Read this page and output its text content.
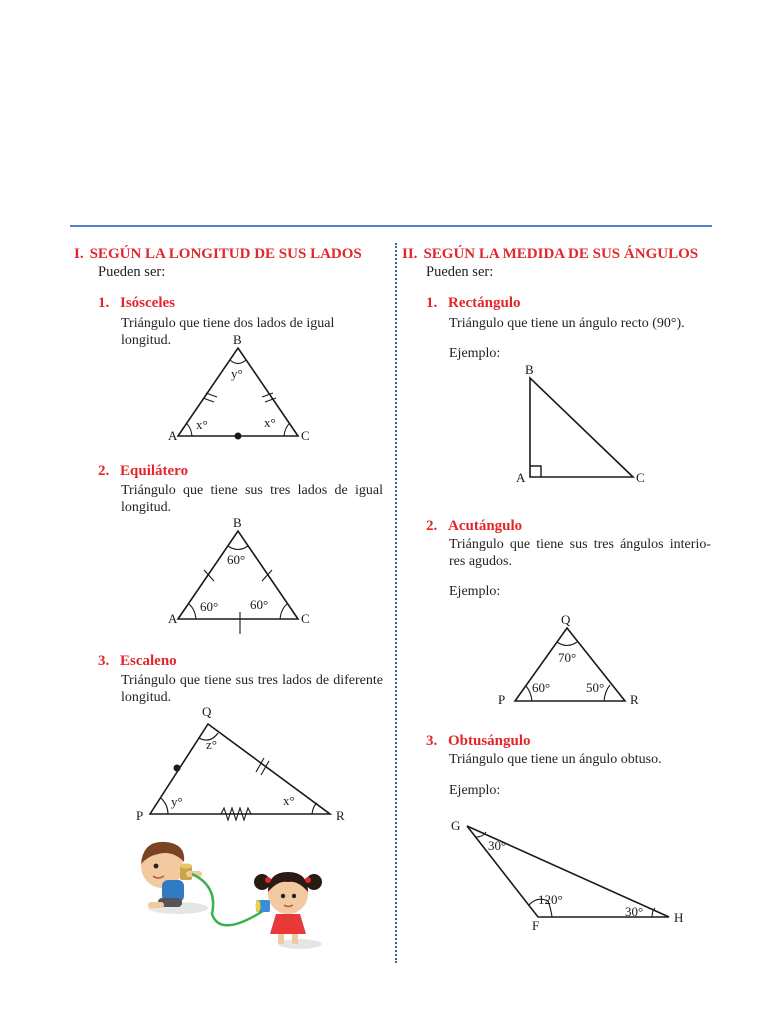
I. SEGÚN LA LONGITUD DE SUS LADOS
Pueden ser:
1. Isósceles
Triángulo que tiene dos lados de igual longitud.	B
A	C
y°
x°	x°
2. Equilátero
Triángulo que tiene sus tres lados de igual longitud.
B
A	C
60°
60° 60°
3. Escaleno
Triángulo que tiene sus tres lados de diferente longitud.
Q
P	R
z°
y°	x°
II. SEGÚN LA MEDIDA DE SUS ÁNGULOS
Pueden ser:
1. Rectángulo
Triángulo que tiene un ángulo recto (90°).
Ejemplo:
B
A	C
2. Acutángulo
Triángulo que tiene sus tres ángulos interio-res agudos.
Ejemplo:
Q
P	R
70°
60°	50°
3. Obtusángulo
Triángulo que tiene un ángulo obtuso.
Ejemplo:
G
F
H
30°
120°
30°
